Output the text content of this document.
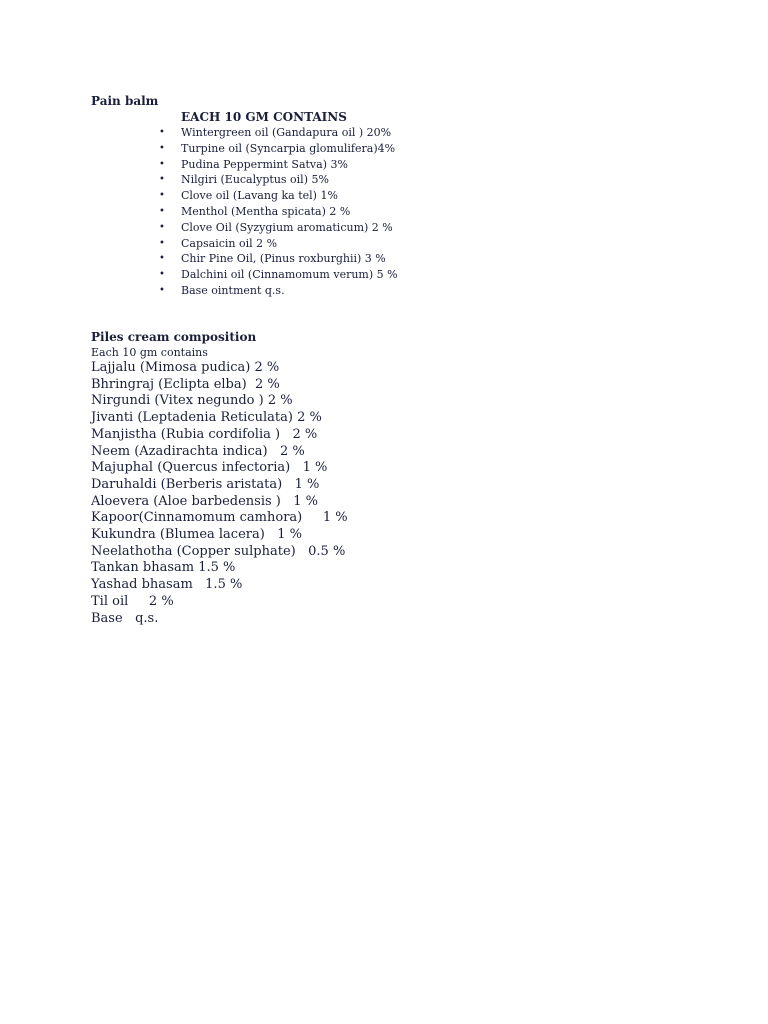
Pain balm
EACH 10 GM CONTAINS
• Wintergreen oil (Gandapura oil ) 20%
• Turpine oil (Syncarpia glomulifera)4%
• Pudina Peppermint Satva) 3%
• Nilgiri (Eucalyptus oil) 5%
• Clove oil (Lavang ka tel) 1%
• Menthol (Mentha spicata) 2 %
• Clove Oil (Syzygium aromaticum) 2 %
• Capsaicin oil 2 %
• Chir Pine Oil, (Pinus roxburghii) 3 %
• Dalchini oil (Cinnamomum verum) 5 %
• Base ointment q.s.
Piles cream composition
Each 10 gm contains
Lajjalu (Mimosa pudica) 2 %
Bhringraj (Eclipta elba)  2 %
Nirgundi (Vitex negundo ) 2 %
Jivanti (Leptadenia Reticulata) 2 %
Manjistha (Rubia cordifolia )   2 %
Neem (Azadirachta indica)   2 %
Majuphal (Quercus infectoria)   1 %
Daruhaldi (Berberis aristata)   1 %
Aloevera (Aloe barbedensis )   1 %
Kapoor(Cinnamomum camhora)     1 %
Kukundra (Blumea lacera)   1 %
Neelathotha (Copper sulphate)   0.5 %
Tankan bhasam 1.5 %
Yashad bhasam   1.5 %
Til oil     2 %
Base   q.s.
